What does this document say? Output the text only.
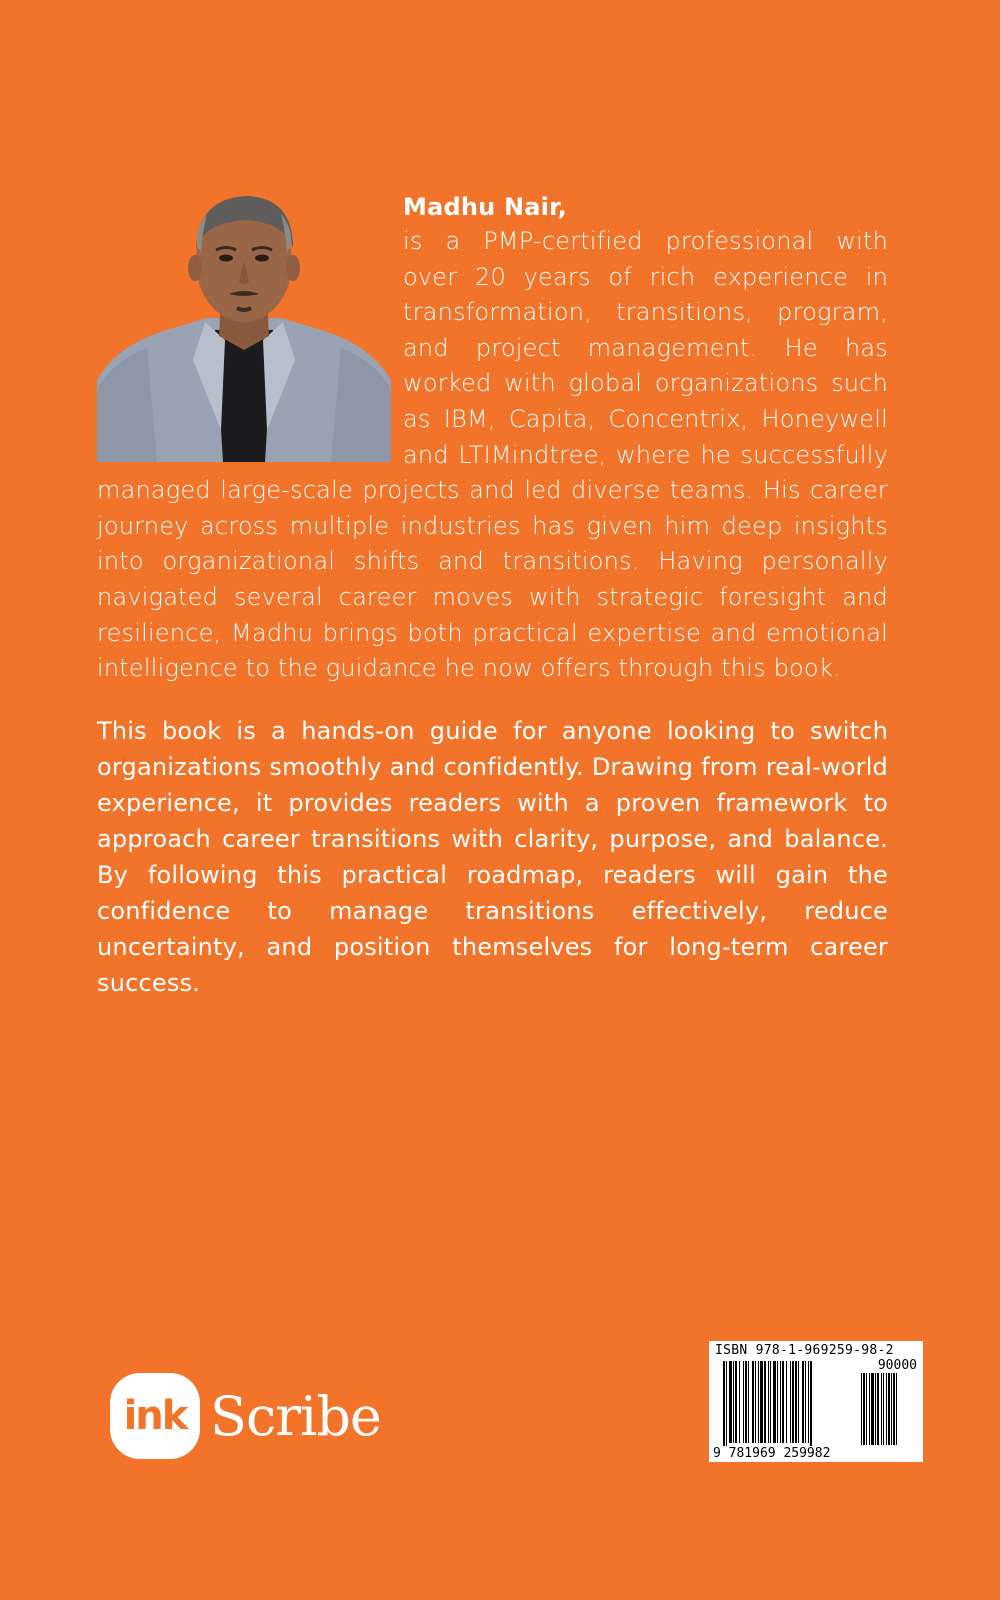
Madhu Nair,
is a PMP-certified professional with over 20 years of rich experience in transformation, transitions, program, and project management. He has worked with global organizations such as IBM, Capita, Concentrix, Honeywell and LTIMindtree, where he successfully managed large-scale projects and led diverse teams. His career journey across multiple industries has given him deep insights into organizational shifts and transitions. Having personally navigated several career moves with strategic foresight and resilience, Madhu brings both practical expertise and emotional intelligence to the guidance he now offers through this book.

This book is a hands-on guide for anyone looking to switch organizations smoothly and confidently. Drawing from real-world experience, it provides readers with a proven framework to approach career transitions with clarity, purpose, and balance. By following this practical roadmap, readers will gain the confidence to manage transitions effectively, reduce uncertainty, and position themselves for long-term career success.

ink Scribe
ISBN 978-1-969259-98-2
90000
9 781969 259982
